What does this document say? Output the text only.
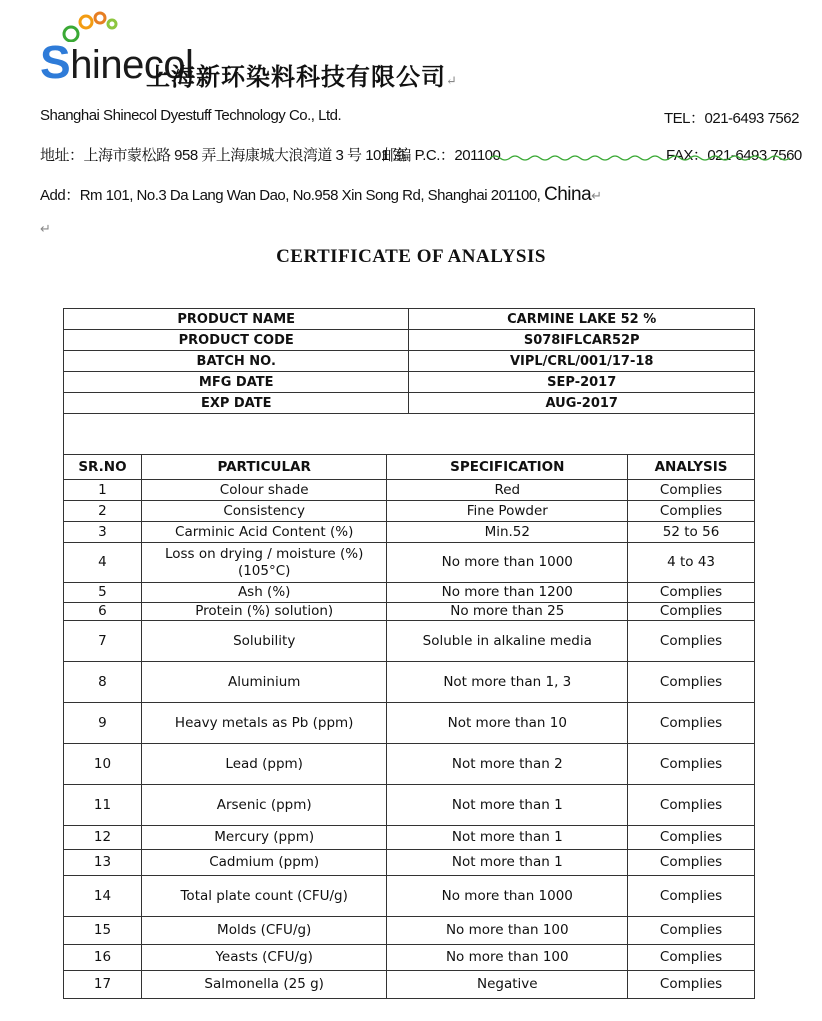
Shinecol
上海新环染料科技有限公司↵
Shanghai Shinecol Dyestuff Technology Co., Ltd.	TEL：021-6493 7562
地址：上海市蒙松路 958 弄上海康城大浪湾道 3 号 101 室
邮编 P.C.：201100	FAX：021-6493 7560
Add：Rm 101, No.3 Da Lang Wan Dao, No.958 Xin Song Rd, Shanghai 201100, China↵
↵
CERTIFICATE OF ANALYSIS
PRODUCT NAME	CARMINE LAKE 52 %
PRODUCT CODE	S078IFLCAR52P
BATCH NO.	VIPL/CRL/001/17-18
MFG DATE	SEP-2017
EXP DATE	AUG-2017
SR.NO	PARTICULAR	SPECIFICATION	ANALYSIS
1	Colour shade	Red	Complies
2	Consistency	Fine Powder	Complies
3	Carminic Acid Content (%)	Min.52	52 to 56
4	Loss on drying / moisture (%) (105°C)	No more than 1000	4 to 43
5	Ash (%)	No more than 1200	Complies
6	Protein (%) solution)	No more than 25	Complies
7	Solubility	Soluble in alkaline media	Complies
8	Aluminium	Not more than 1, 3	Complies
9	Heavy metals as Pb (ppm)	Not more than 10	Complies
10	Lead (ppm)	Not more than 2	Complies
11	Arsenic (ppm)	Not more than 1	Complies
12	Mercury (ppm)	Not more than 1	Complies
13	Cadmium (ppm)	Not more than 1	Complies
14	Total plate count (CFU/g)	No more than 1000	Complies
15	Molds (CFU/g)	No more than 100	Complies
16	Yeasts (CFU/g)	No more than 100	Complies
17	Salmonella (25 g)	Negative	Complies
